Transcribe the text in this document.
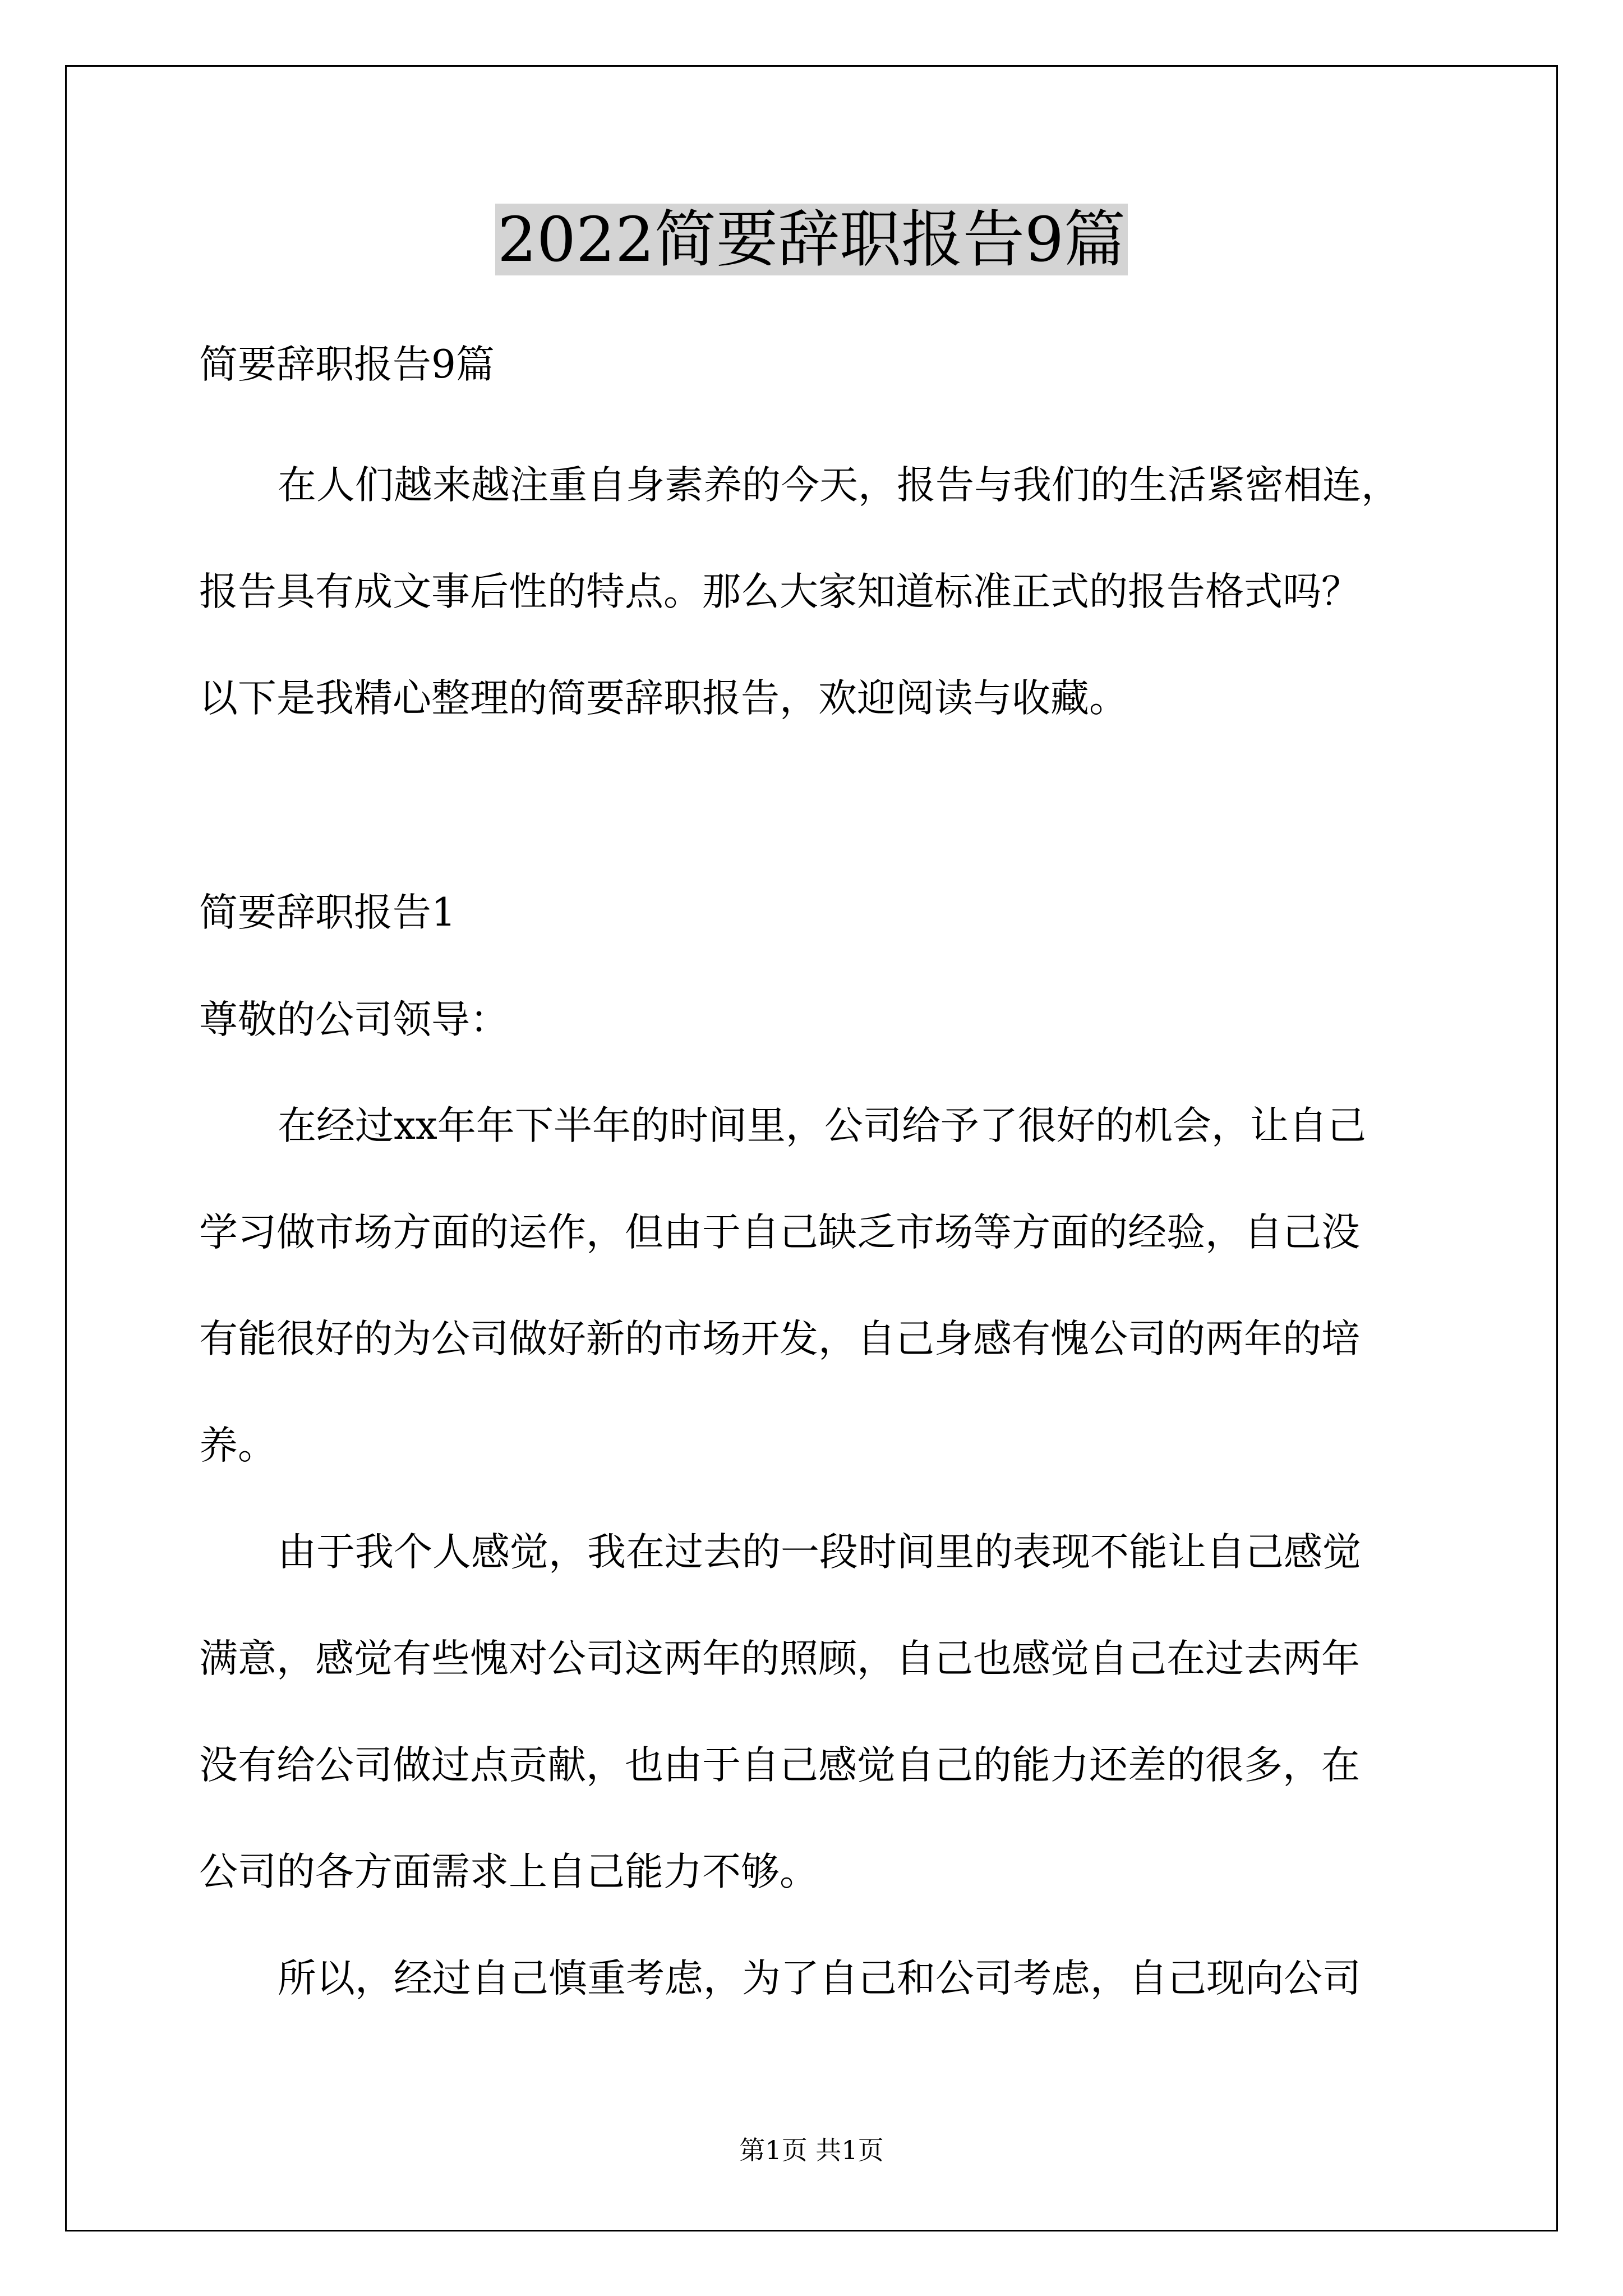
2022简要辞职报告9篇
简要辞职报告9篇
在人们越来越注重自身素养的今天，报告与我们的生活紧密相连，
报告具有成文事后性的特点。那么大家知道标准正式的报告格式吗？
以下是我精心整理的简要辞职报告，欢迎阅读与收藏。
简要辞职报告1
尊敬的公司领导：
在经过xx年年下半年的时间里，公司给予了很好的机会，让自己
学习做市场方面的运作，但由于自己缺乏市场等方面的经验，自己没
有能很好的为公司做好新的市场开发，自己身感有愧公司的两年的培
养。
由于我个人感觉，我在过去的一段时间里的表现不能让自己感觉
满意，感觉有些愧对公司这两年的照顾，自己也感觉自己在过去两年
没有给公司做过点贡献，也由于自己感觉自己的能力还差的很多，在
公司的各方面需求上自己能力不够。
所以，经过自己慎重考虑，为了自己和公司考虑，自己现向公司
第1页 共1页
